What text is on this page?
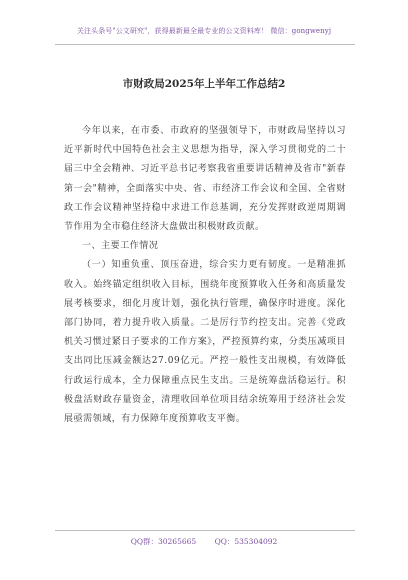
关注头条号"公文研究"，获得最新最全最专业的公文资料库！ 微信：gongwenyj
市财政局2025年上半年工作总结2

今年以来，在市委、市政府的坚强领导下，市财政局坚持以习近平新时代中国特色社会主义思想为指导，深入学习贯彻党的二十届三中全会精神、习近平总书记考察我省重要讲话精神及省市"新春第一会"精神，全面落实中央、省、市经济工作会议和全国、全省财政工作会议精神坚持稳中求进工作总基调，充分发挥财政逆周期调节作用为全市稳住经济大盘做出积极财政贡献。

一、主要工作情况

（一）知重负重、顶压奋进，综合实力更有韧度。一是精准抓收入。始终锚定组织收入目标，围绕年度预算收入任务和高质量发展考核要求，细化月度计划，强化执行管理，确保序时进度。深化部门协同，着力提升收入质量。二是厉行节约控支出。完善《党政机关习惯过紧日子要求的工作方案》，严控预算约束，分类压减项目支出同比压减金额达27.09亿元。严控一般性支出规模，有效降低行政运行成本，全力保障重点民生支出。三是统筹盘活稳运行。积极盘活财政存量资金，清理收回单位项目结余统筹用于经济社会发展亟需领域，有力保障年度预算收支平衡。

QQ群：30265665 QQ：535304092
